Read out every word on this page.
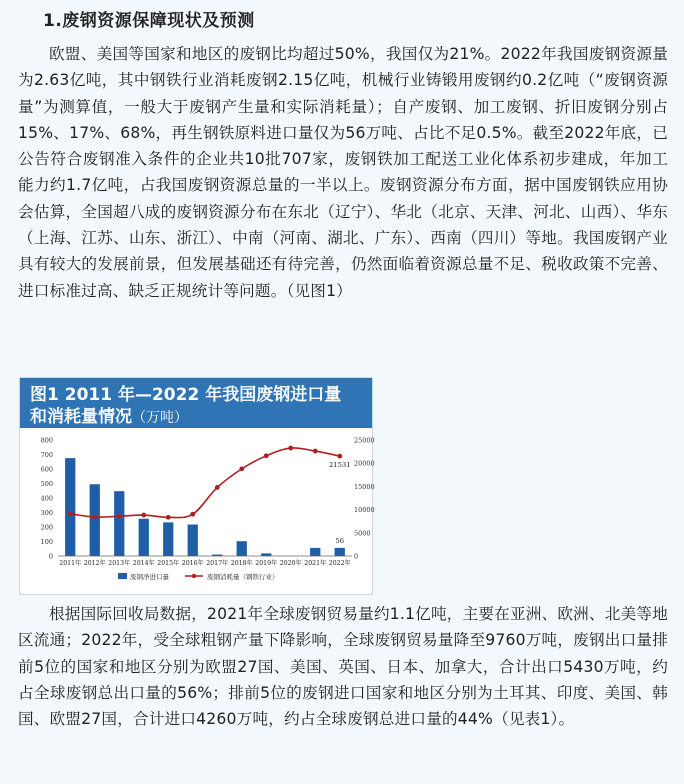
1.废钢资源保障现状及预测
欧盟、美国等国家和地区的废钢比均超过50%，我国仅为21%。2022年我国废钢资源量为2.63亿吨，其中钢铁行业消耗废钢2.15亿吨，机械行业铸锻用废钢约0.2亿吨（“废钢资源量”为测算值，一般大于废钢产生量和实际消耗量）；自产废钢、加工废钢、折旧废钢分别占15%、17%、68%，再生钢铁原料进口量仅为56万吨、占比不足0.5%。截至2022年底，已公告符合废钢准入条件的企业共10批707家，废钢铁加工配送工业化体系初步建成，年加工能力约1.7亿吨，占我国废钢资源总量的一半以上。废钢资源分布方面，据中国废钢铁应用协会估算，全国超八成的废钢资源分布在东北（辽宁）、华北（北京、天津、河北、山西）、华东（上海、江苏、山东、浙江）、中南（河南、湖北、广东）、西南（四川）等地。我国废钢产业具有较大的发展前景，但发展基础还有待完善，仍然面临着资源总量不足、税收政策不完善、进口标准过高、缺乏正规统计等问题。（见图1）
图1 2011 年—2022 年我国废钢进口量
和消耗量情况（万吨）
800
700
600
500
400
300
200
100
0
25000
20000
15000
10000
5000
0
21531
56
2011年 2012年 2013年 2014年 2015年 2016年 2017年 2018年 2019年 2020年 2021年 2022年
废钢净进口量	废钢消耗量（钢铁行业）
根据国际回收局数据，2021年全球废钢贸易量约1.1亿吨，主要在亚洲、欧洲、北美等地区流通；2022年，受全球粗钢产量下降影响，全球废钢贸易量降至9760万吨，废钢出口量排前5位的国家和地区分别为欧盟27国、美国、英国、日本、加拿大，合计出口5430万吨，约占全球废钢总出口量的56%；排前5位的废钢进口国家和地区分别为土耳其、印度、美国、韩国、欧盟27国，合计进口4260万吨，约占全球废钢总进口量的44%（见表1）。
